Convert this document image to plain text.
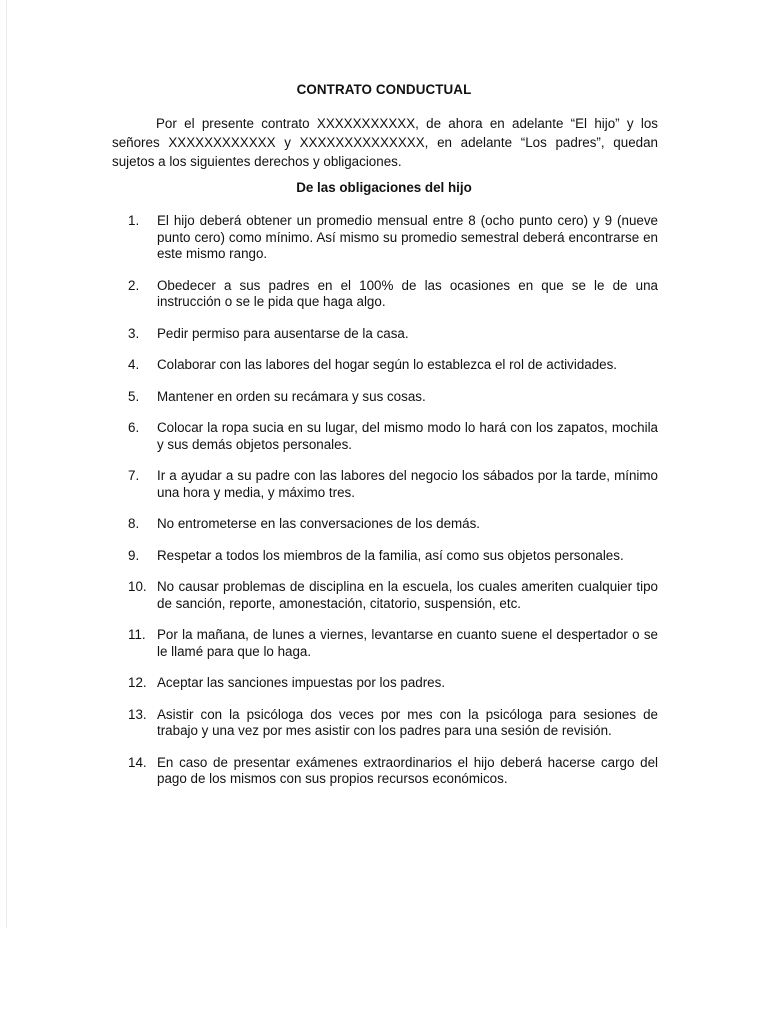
CONTRATO CONDUCTUAL

Por el presente contrato XXXXXXXXXXX, de ahora en adelante “El hijo” y los señores XXXXXXXXXXXX y XXXXXXXXXXXXXX, en adelante “Los padres”, quedan sujetos a los siguientes derechos y obligaciones.

De las obligaciones del hijo
1.	El hijo deberá obtener un promedio mensual entre 8 (ocho punto cero) y 9 (nueve punto cero) como mínimo. Así mismo su promedio semestral deberá encontrarse en este mismo rango.
2.	Obedecer a sus padres en el 100% de las ocasiones en que se le de una instrucción o se le pida que haga algo.
3.	Pedir permiso para ausentarse de la casa.
4.	Colaborar con las labores del hogar según lo establezca el rol de actividades.
5.	Mantener en orden su recámara y sus cosas.
6.	Colocar la ropa sucia en su lugar, del mismo modo lo hará con los zapatos, mochila y sus demás objetos personales.
7.	Ir a ayudar a su padre con las labores del negocio los sábados por la tarde, mínimo una hora y media, y máximo tres.
8.	No entrometerse en las conversaciones de los demás.
9.	Respetar a todos los miembros de la familia, así como sus objetos personales.
10. No causar problemas de disciplina en la escuela, los cuales ameriten cualquier tipo de sanción, reporte, amonestación, citatorio, suspensión, etc.
11. Por la mañana, de lunes a viernes, levantarse en cuanto suene el despertador o se le llamé para que lo haga.
12. Aceptar las sanciones impuestas por los padres.
13. Asistir con la psicóloga dos veces por mes con la psicóloga para sesiones de trabajo y una vez por mes asistir con los padres para una sesión de revisión.
14. En caso de presentar exámenes extraordinarios el hijo deberá hacerse cargo del pago de los mismos con sus propios recursos económicos.
